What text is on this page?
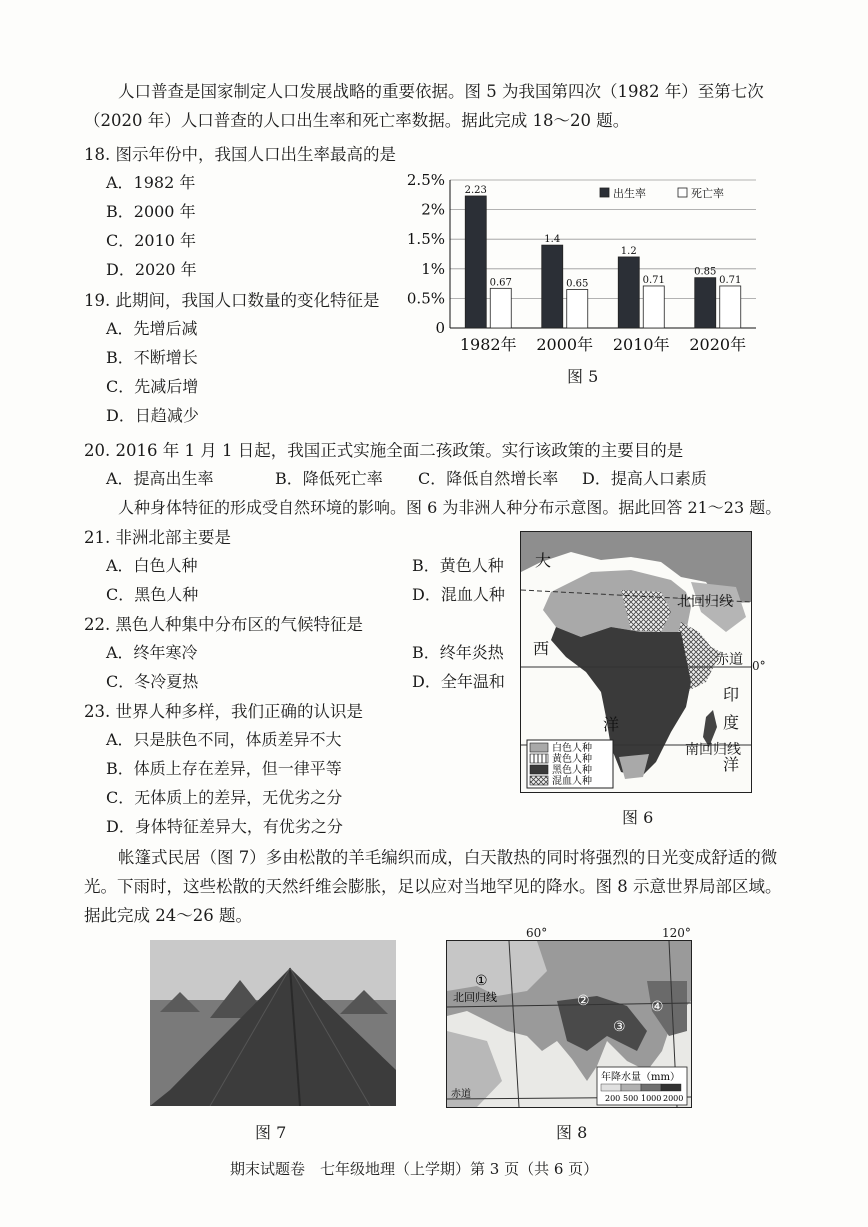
人口普查是国家制定人口发展战略的重要依据。图 5 为我国第四次（1982 年）至第七次（2020 年）人口普查的人口出生率和死亡率数据。据此完成 18～20 题。
18. 图示年份中，我国人口出生率最高的是
A．1982 年
B．2000 年
C．2010 年
D．2020 年
19. 此期间，我国人口数量的变化特征是
A．先增后减
B．不断增长
C．先减后增
D．日趋减少
2.5%
2%
1.5%
1%
0.5%
0
2.23
0.67
1982年
1.4
0.65
2000年
1.2
0.71
2010年
0.85
0.71
2020年
出生率	死亡率
图 5
20. 2016 年 1 月 1 日起，我国正式实施全面二孩政策。实行该政策的主要目的是
A．提高出生率	B．降低死亡率 C．降低自然增长率 D．提高人口素质
人种身体特征的形成受自然环境的影响。图 6 为非洲人种分布示意图。据此回答 21～23 题。
21. 非洲北部主要是
A．白色人种	B．黄色人种
C．黑色人种	D．混血人种
22. 黑色人种集中分布区的气候特征是
A．终年寒冷	B．终年炎热
C．冬冷夏热	D．全年温和
23. 世界人种多样，我们正确的认识是
A．只是肤色不同，体质差异不大
B．体质上存在差异，但一律平等
C．无体质上的差异，无优劣之分
D．身体特征差异大，有优劣之分
大
西
洋
印
度
洋
北回归线
南回归线
赤道
白色人种
黄色人种
黑色人种
混血人种
0°
图 6
帐篷式民居（图 7）多由松散的羊毛编织而成，白天散热的同时将强烈的日光变成舒适的微光。下雨时，这些松散的天然纤维会膨胀，足以应对当地罕见的降水。图 8 示意世界局部区域。据此完成 24～26 题。
图 7
北回归线
赤道
①
②
③
④
年降水量（mm）
200 500 1000 2000
60°	120°
图 8
期末试题卷　七年级地理（上学期）第 3 页（共 6 页）
